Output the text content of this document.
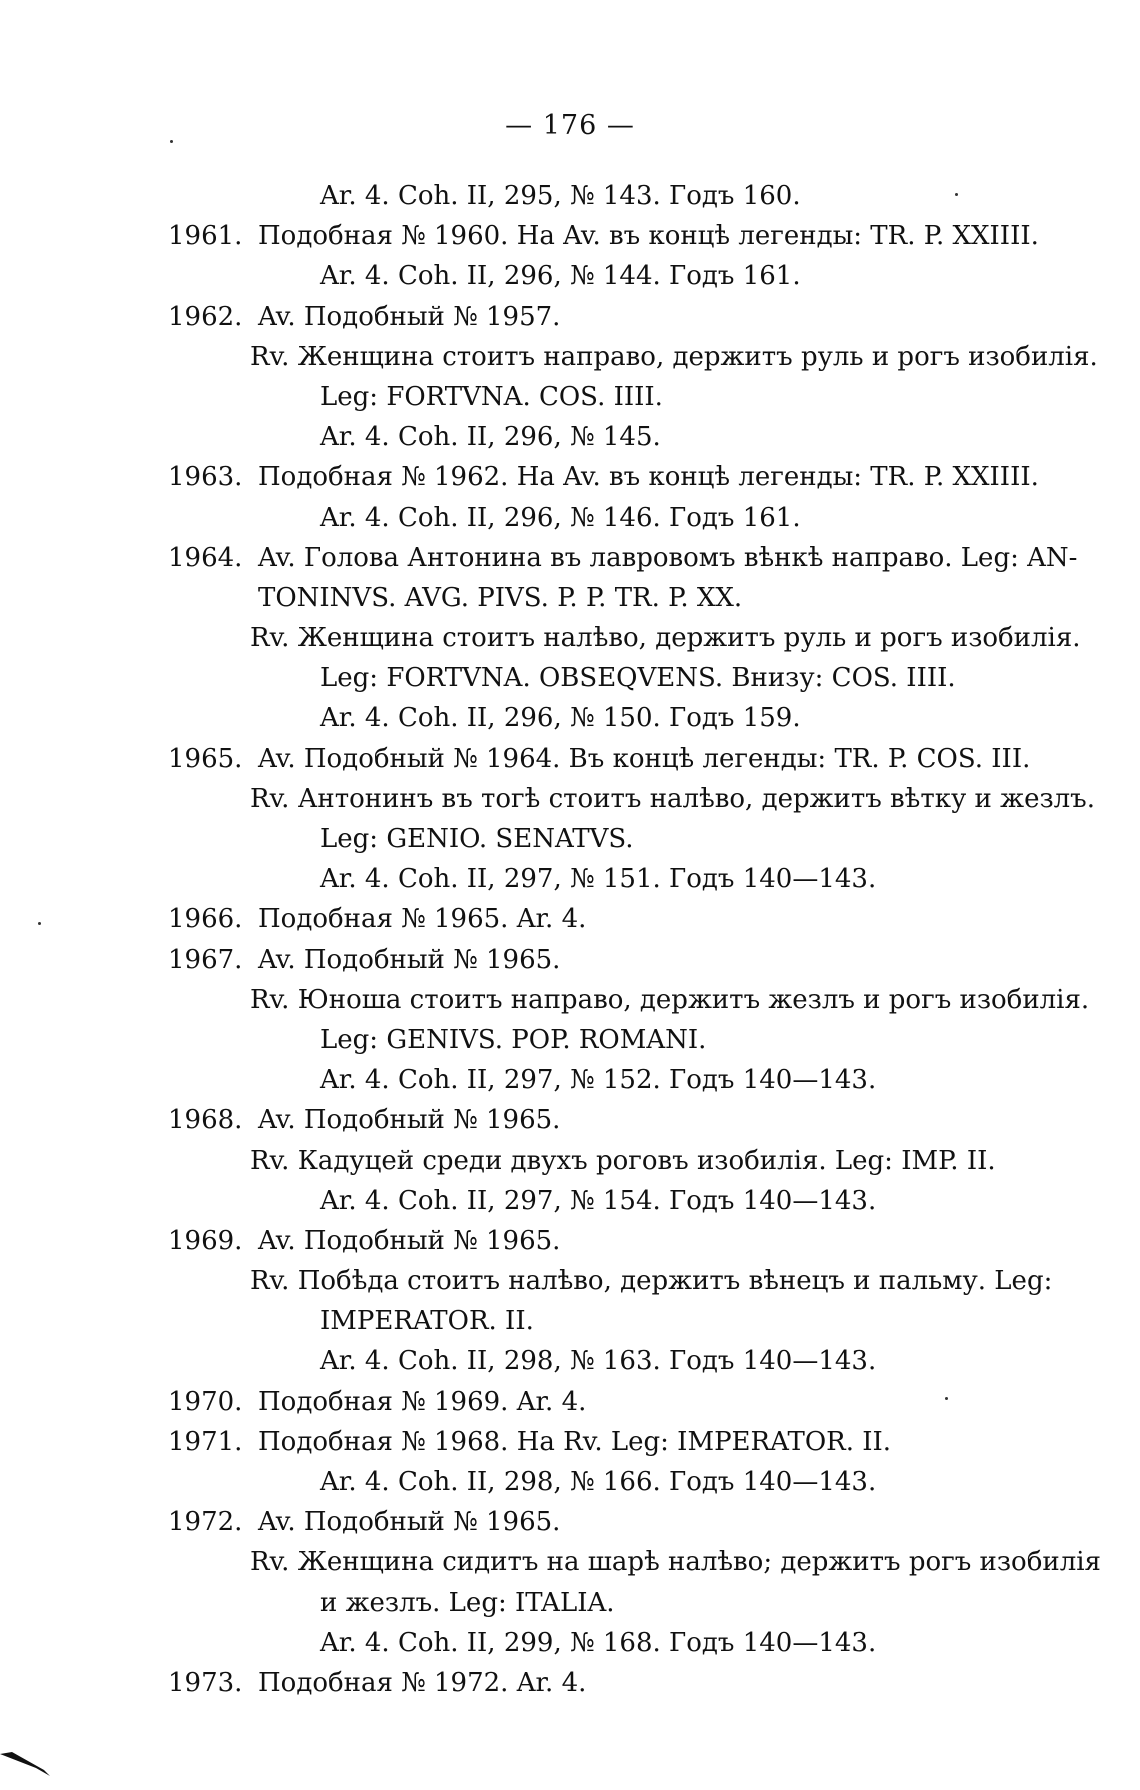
— 176 —
Ar. 4. Coh. II, 295, № 143. Годъ 160.
1961. Подобная № 1960. На Av. въ концѣ легенды: TR. P. XXIIII.
Ar. 4. Coh. II, 296, № 144. Годъ 161.
1962. Av. Подобный № 1957.
Rv. Женщина стоитъ направо, держитъ руль и рогъ изобилія.
Leg: FORTVNA. COS. IIII.
Ar. 4. Coh. II, 296, № 145.
1963. Подобная № 1962. На Av. въ концѣ легенды: TR. P. XXIIII.
Ar. 4. Coh. II, 296, № 146. Годъ 161.
1964. Av. Голова Антонина въ лавровомъ вѣнкѣ направо. Leg: AN-
TONINVS. AVG. PIVS. P. P. TR. P. XX.
Rv. Женщина стоитъ налѣво, держитъ руль и рогъ изобилія.
Leg: FORTVNA. OBSEQVENS. Внизу: COS. IIII.
Ar. 4. Coh. II, 296, № 150. Годъ 159.
1965. Av. Подобный № 1964. Въ концѣ легенды: TR. P. COS. III.
Rv. Антонинъ въ тогѣ стоитъ налѣво, держитъ вѣтку и жезлъ.
Leg: GENIO. SENATVS.
Ar. 4. Coh. II, 297, № 151. Годъ 140—143.
1966. Подобная № 1965. Ar. 4.
1967. Av. Подобный № 1965.
Rv. Юноша стоитъ направо, держитъ жезлъ и рогъ изобилія.
Leg: GENIVS. POP. ROMANI.
Ar. 4. Coh. II, 297, № 152. Годъ 140—143.
1968. Av. Подобный № 1965.
Rv. Кадуцей среди двухъ роговъ изобилія. Leg: IMP. II.
Ar. 4. Coh. II, 297, № 154. Годъ 140—143.
1969. Av. Подобный № 1965.
Rv. Побѣда стоитъ налѣво, держитъ вѣнецъ и пальму. Leg:
IMPERATOR. II.
Ar. 4. Coh. II, 298, № 163. Годъ 140—143.
1970. Подобная № 1969. Ar. 4.
1971. Подобная № 1968. На Rv. Leg: IMPERATOR. II.
Ar. 4. Coh. II, 298, № 166. Годъ 140—143.
1972. Av. Подобный № 1965.
Rv. Женщина сидитъ на шарѣ налѣво; держитъ рогъ изобилія
и жезлъ. Leg: ITALIA.
Ar. 4. Coh. II, 299, № 168. Годъ 140—143.
1973. Подобная № 1972. Ar. 4.
